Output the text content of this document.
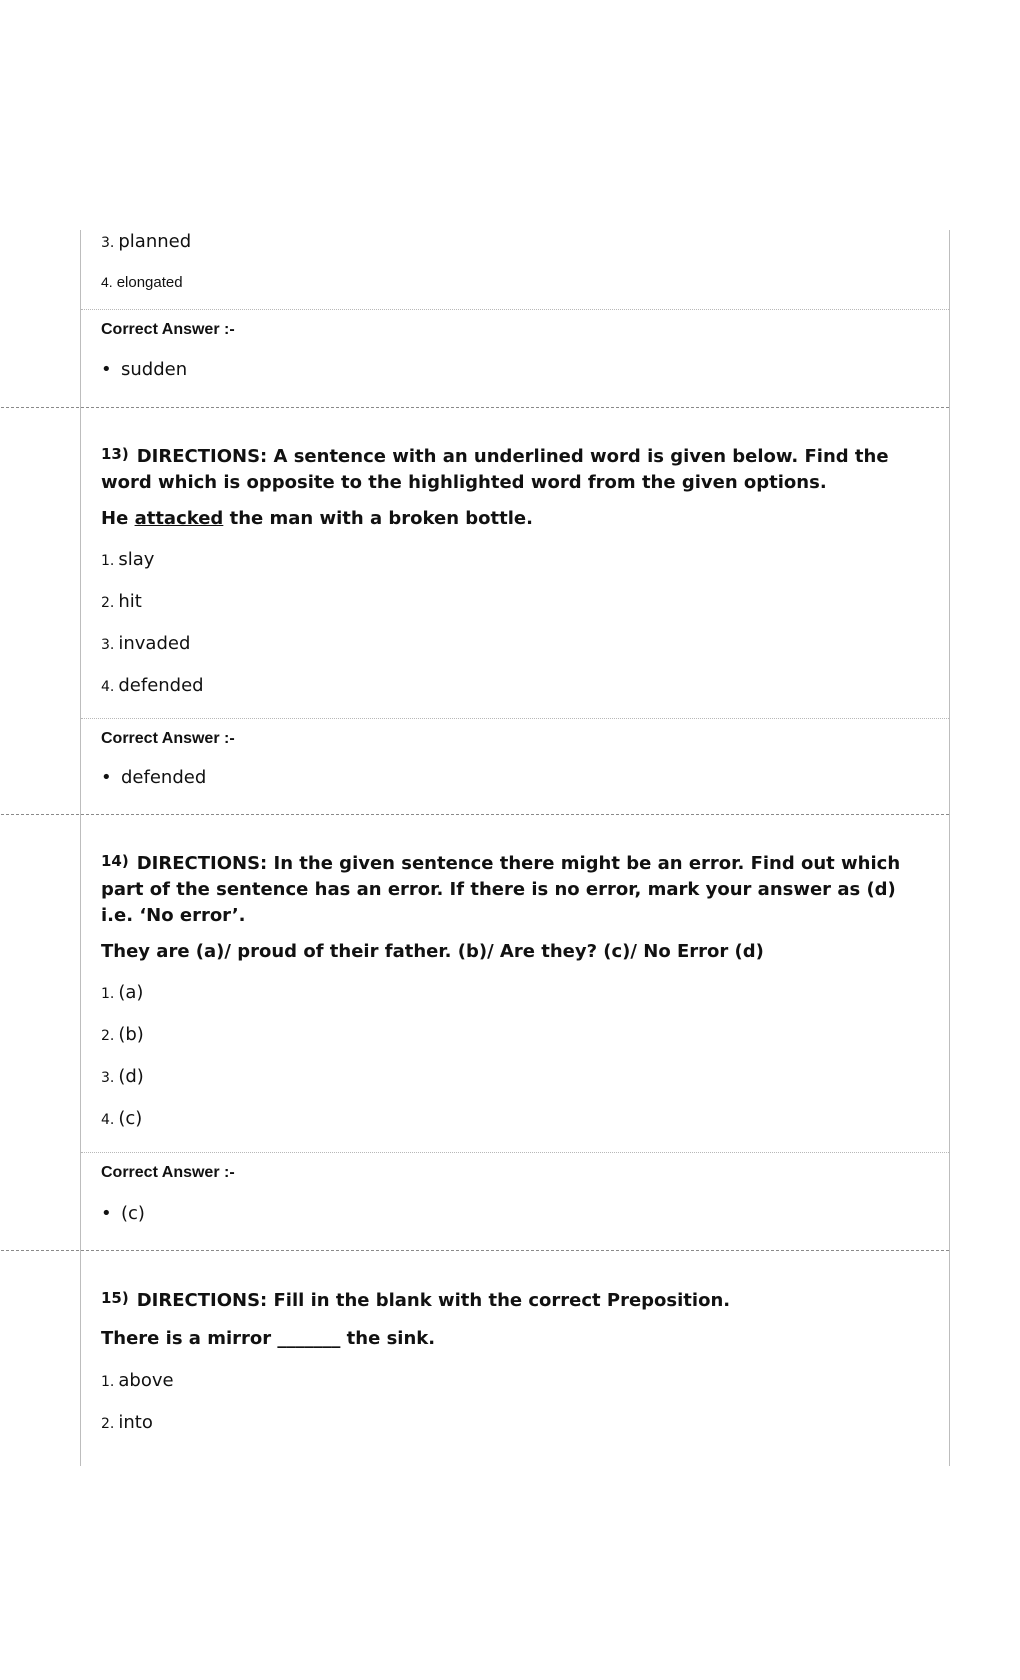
3. planned
4. elongated
Correct Answer :-
• sudden
13) DIRECTIONS: A sentence with an underlined word is given below. Find the word which is opposite to the highlighted word from the given options.
He attacked the man with a broken bottle.
1. slay
2. hit
3. invaded
4. defended
Correct Answer :-
• defended
14) DIRECTIONS: In the given sentence there might be an error. Find out which part of the sentence has an error. If there is no error, mark your answer as (d) i.e. ‘No error’.
They are (a)/ proud of their father. (b)/ Are they? (c)/ No Error (d)
1. (a)
2. (b)
3. (d)
4. (c)
Correct Answer :-
• (c)
15) DIRECTIONS: Fill in the blank with the correct Preposition.
There is a mirror _______ the sink.
1. above
2. into
